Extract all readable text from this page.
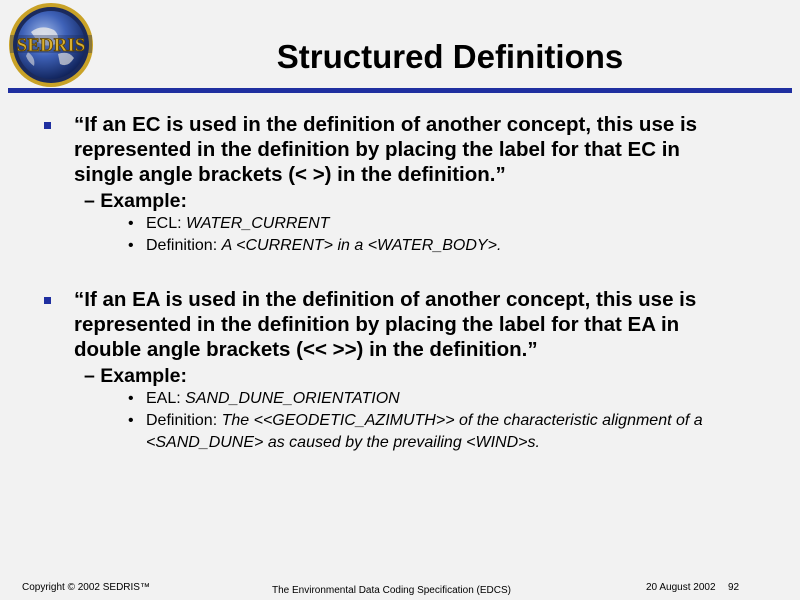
SEDRIS	Structured Definitions
“If an EC is used in the definition of another concept, this use is represented in the definition by placing the label for that EC in single angle brackets (< >) in the definition.”
– Example:
• ECL: WATER_CURRENT
• Definition: A <CURRENT> in a <WATER_BODY>.
“If an EA is used in the definition of another concept, this use is represented in the definition by placing the label for that EA in double angle brackets (<< >>) in the definition.”
– Example:
• EAL: SAND_DUNE_ORIENTATION
• Definition: The <<GEODETIC_AZIMUTH>> of the characteristic alignment of a <SAND_DUNE> as caused by the prevailing <WIND>s.
Copyright © 2002 SEDRIS™	The Environmental Data Coding Specification (EDCS)	20 August 2002 92
